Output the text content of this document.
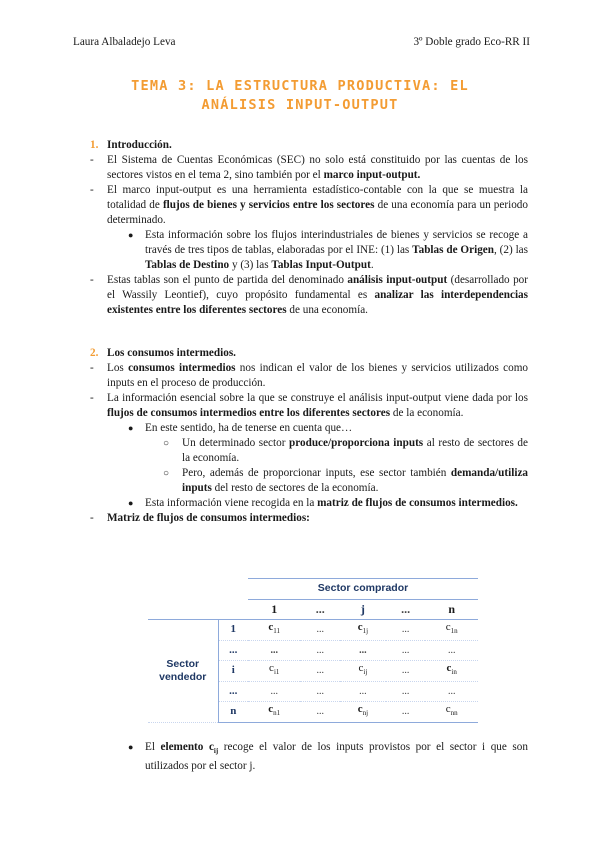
Laura Albaladejo Leva	3º Doble grado Eco-RR II
TEMA 3: LA ESTRUCTURA PRODUCTIVA: EL
ANÁLISIS INPUT-OUTPUT

1. Introducción.

- El Sistema de Cuentas Económicas (SEC) no solo está constituido por las cuentas de los sectores vistos en el tema 2, sino también por el marco input-output.

- El marco input-output es una herramienta estadístico-contable con la que se muestra la totalidad de flujos de bienes y servicios entre los sectores de una economía para un periodo determinado.

● Esta información sobre los flujos interindustriales de bienes y servicios se recoge a través de tres tipos de tablas, elaboradas por el INE: (1) las Tablas de Origen, (2) las Tablas de Destino y (3) las Tablas Input-Output.

- Estas tablas son el punto de partida del denominado análisis input-output (desarrollado por el Wassily Leontief), cuyo propósito fundamental es analizar las interdependencias existentes entre los diferentes sectores de una economía.

2. Los consumos intermedios.

- Los consumos intermedios nos indican el valor de los bienes y servicios utilizados como inputs en el proceso de producción.

- La información esencial sobre la que se construye el análisis input-output viene dada por los flujos de consumos intermedios entre los diferentes sectores de la economía.

● En este sentido, ha de tenerse en cuenta que…

○ Un determinado sector produce/proporciona inputs al resto de sectores de la economía.

○ Pero, además de proporcionar inputs, ese sector también demanda/utiliza inputs del resto de sectores de la economía.

● Esta información viene recogida en la matriz de flujos de consumos intermedios.

- Matriz de flujos de consumos intermedios:

		Sector comprador				
		1	...	j	...	n
Sector
vendedor	1	$c_{11}$	...	$c_{1j}$	...	$c_{1n}$
	...	...	...	...	...	...
	i	$c_{i1}$	...	$c_{ij}$	...	$c_{in}$
	...	...	...	...	...	...
	n	$c_{n1}$	...	$c_{nj}$	...	$c_{nn}$

● El elemento $c_{ij}$ recoge el valor de los inputs provistos por el sector i que son utilizados por el sector j.
